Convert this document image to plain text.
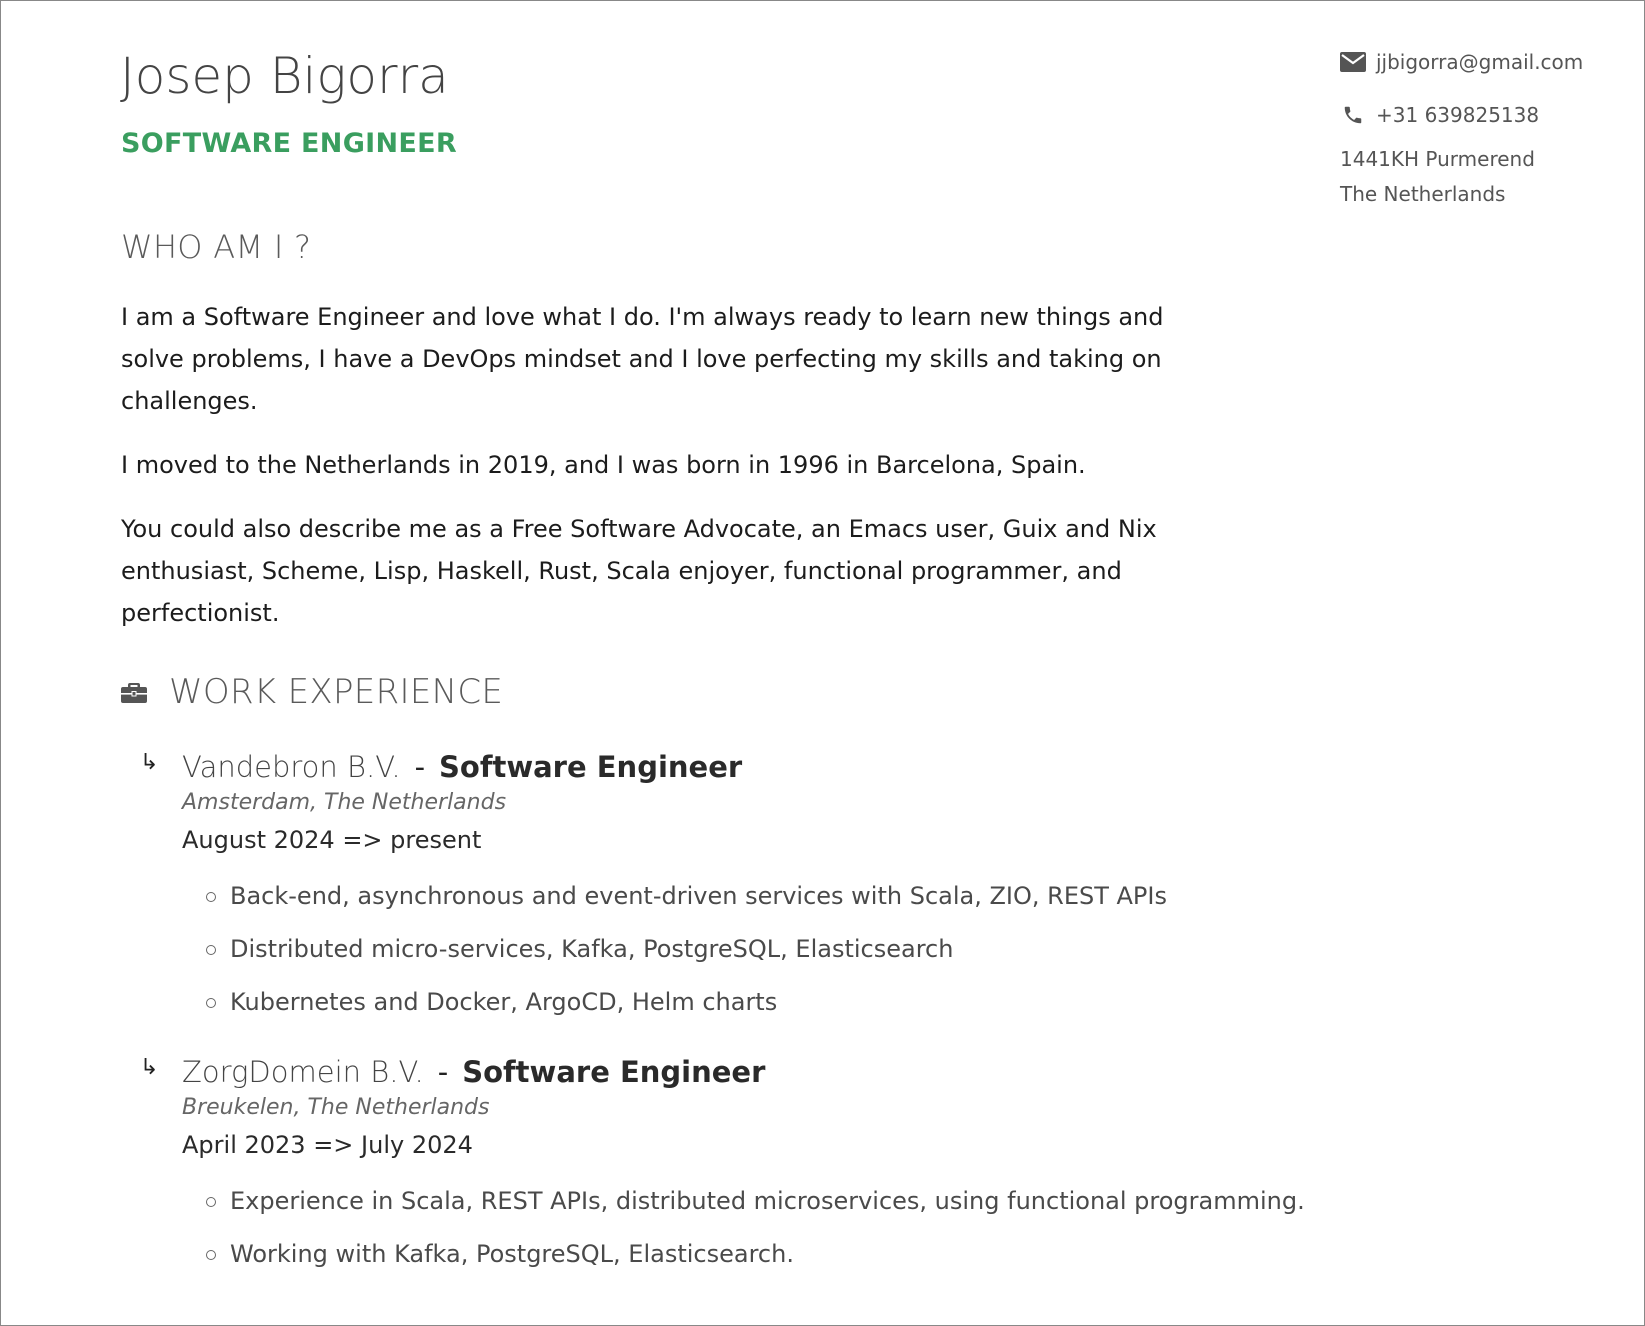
Josep Bigorra
SOFTWARE ENGINEER
jjbigorra@gmail.com
+31 639825138
1441KH Purmerend
The Netherlands
WHO AM I ?

I am a Software Engineer and love what I do. I'm always ready to learn new things and solve problems, I have a DevOps mindset and I love perfecting my skills and taking on challenges.

I moved to the Netherlands in 2019, and I was born in 1996 in Barcelona, Spain.

You could also describe me as a Free Software Advocate, an Emacs user, Guix and Nix enthusiast, Scheme, Lisp, Haskell, Rust, Scala enjoyer, functional programmer, and perfectionist.

WORK EXPERIENCE
↳ Vandebron B.V. - Software Engineer
Amsterdam, The Netherlands
August 2024 => present
Back-end, asynchronous and event-driven services with Scala, ZIO, REST APIs
Distributed micro-services, Kafka, PostgreSQL, Elasticsearch
Kubernetes and Docker, ArgoCD, Helm charts
↳ ZorgDomein B.V. - Software Engineer
Breukelen, The Netherlands
April 2023 => July 2024
Experience in Scala, REST APIs, distributed microservices, using functional programming.
Working with Kafka, PostgreSQL, Elasticsearch.
